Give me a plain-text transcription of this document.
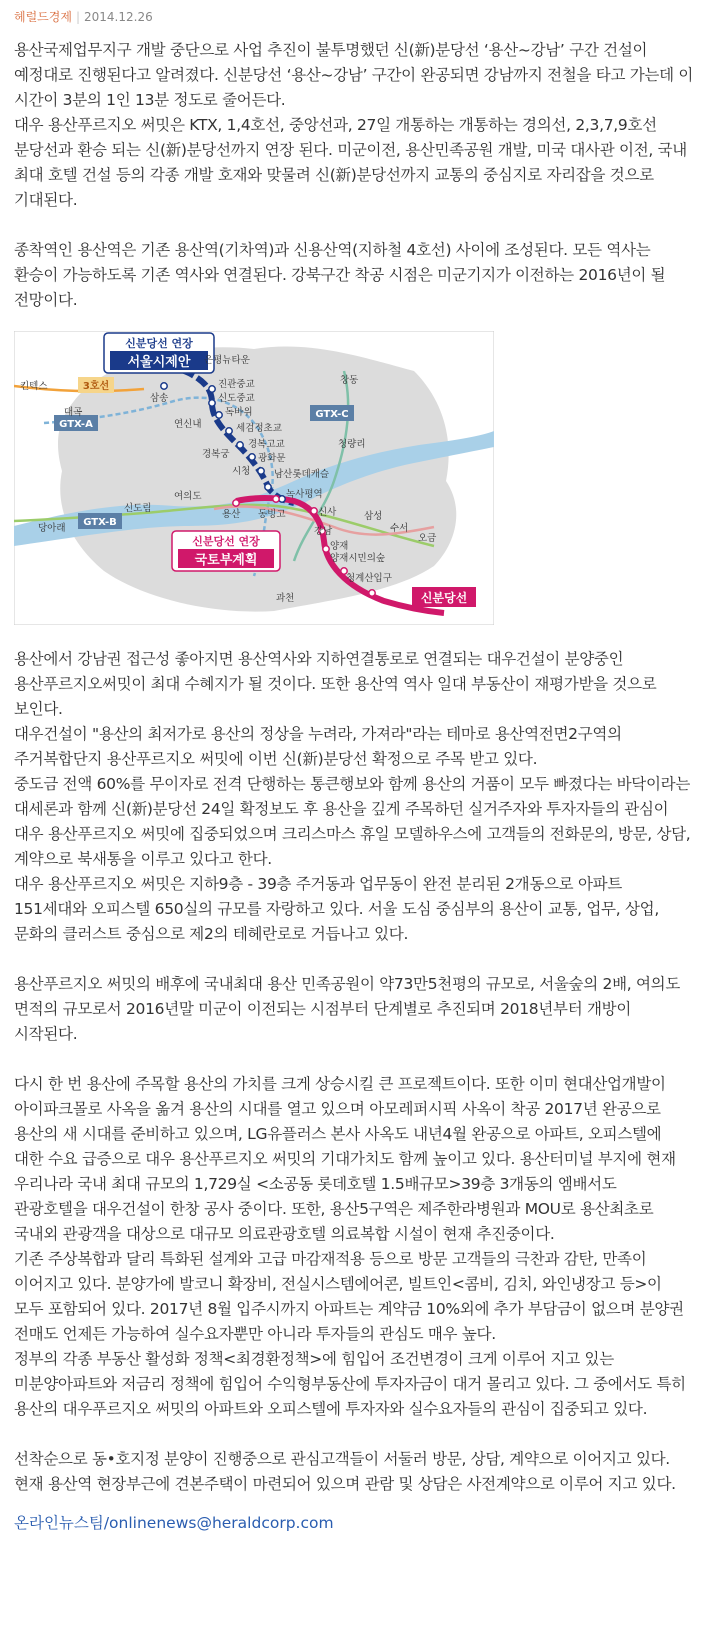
헤럴드경제 | 2014.12.26

용산국제업무지구 개발 중단으로 사업 추진이 불투명했던 신(新)분당선 ‘용산~강남’ 구간 건설이 예정대로 진행된다고 알려졌다. 신분당선 ‘용산~강남’ 구간이 완공되면 강남까지 전철을 타고 가는데 이 시간이 3분의 1인 13분 정도로 줄어든다.

대우 용산푸르지오 써밋은 KTX, 1,4호선, 중앙선과, 27일 개통하는 개통하는 경의선, 2,3,7,9호선 분당선과 환승 되는 신(新)분당선까지 연장 된다. 미군이전, 용산민족공원 개발, 미국 대사관 이전, 국내 최대 호텔 건설 등의 각종 개발 호재와 맞물려 신(新)분당선까지 교통의 중심지로 자리잡을 것으로 기대된다.

종착역인 용산역은 기존 용산역(기차역)과 신용산역(지하철 4호선) 사이에 조성된다. 모든 역사는 환승이 가능하도록 기존 역사와 연결된다. 강북구간 착공 시점은 미군기지가 이전하는 2016년이 될 전망이다.

신분당선 연장
서울시제안
신분당선 연장
국토부계획
신분당선
GTX-A
GTX-B
GTX-C
3호선
킨텍스
대곡
삼송
은평뉴타운
진관중교
신도중교
독바위
세검정초교
연신내
경복고교
광화문
경복궁
시청 남산롯데캐슬
녹사평역
창동
청량리
여의도
용산 동빙고	신사
강남
삼성
수서
오금
신도림
당아래
양재
양재시민의숲
청계산입구
과천

용산에서 강남권 접근성 좋아지면 용산역사와 지하연결통로로 연결되는 대우건설이 분양중인 용산푸르지오써밋이 최대 수혜지가 될 것이다. 또한 용산역 역사 일대 부동산이 재평가받을 것으로 보인다.

대우건설이 "용산의 최저가로 용산의 정상을 누려라, 가져라"라는 테마로 용산역전면2구역의 주거복합단지 용산푸르지오 써밋에 이번 신(新)분당선 확정으로 주목 받고 있다.

중도금 전액 60%를 무이자로 전격 단행하는 통큰행보와 함께 용산의 거품이 모두 빠졌다는 바닥이라는 대세론과 함께 신(新)분당선 24일 확정보도 후 용산을 깊게 주목하던 실거주자와 투자자들의 관심이 대우 용산푸르지오 써밋에 집중되었으며 크리스마스 휴일 모델하우스에 고객들의 전화문의, 방문, 상담, 계약으로 북새통을 이루고 있다고 한다.

대우 용산푸르지오 써밋은 지하9층 - 39층 주거동과 업무동이 완전 분리된 2개동으로 아파트 151세대와 오피스텔 650실의 규모를 자랑하고 있다. 서울 도심 중심부의 용산이 교통, 업무, 상업, 문화의 클러스트 중심으로 제2의 테헤란로로 거듭나고 있다.

용산푸르지오 써밋의 배후에 국내최대 용산 민족공원이 약73만5천평의 규모로, 서울숲의 2배, 여의도 면적의 규모로서 2016년말 미군이 이전되는 시점부터 단계별로 추진되며 2018년부터 개방이 시작된다.

다시 한 번 용산에 주목할 용산의 가치를 크게 상승시킬 큰 프로젝트이다. 또한 이미 현대산업개발이 아이파크몰로 사옥을 옮겨 용산의 시대를 열고 있으며 아모레퍼시픽 사옥이 착공 2017년 완공으로 용산의 새 시대를 준비하고 있으며, LG유플러스 본사 사옥도 내년4월 완공으로 아파트, 오피스텔에 대한 수요 급증으로 대우 용산푸르지오 써밋의 기대가치도 함께 높이고 있다. 용산터미널 부지에 현재 우리나라 국내 최대 규모의 1,729실 <소공동 롯데호텔 1.5배규모>39층 3개동의 엠배서도 관광호텔을 대우건설이 한창 공사 중이다. 또한, 용산5구역은 제주한라병원과 MOU로 용산최초로 국내외 관광객을 대상으로 대규모 의료관광호텔 의료복합 시설이 현재 추진중이다.

기존 주상복합과 달리 특화된 설계와 고급 마감재적용 등으로 방문 고객들의 극찬과 감탄, 만족이 이어지고 있다. 분양가에 발코니 확장비, 전실시스템에어콘, 빌트인<콤비, 김치, 와인냉장고 등>이 모두 포함되어 있다. 2017년 8월 입주시까지 아파트는 계약금 10%외에 추가 부담금이 없으며 분양권 전매도 언제든 가능하여 실수요자뿐만 아니라 투자들의 관심도 매우 높다.

정부의 각종 부동산 활성화 정책<최경환정책>에 힘입어 조건변경이 크게 이루어 지고 있는 미분양아파트와 저금리 정책에 힘입어 수익형부동산에 투자자금이 대거 몰리고 있다. 그 중에서도 특히 용산의 대우푸르지오 써밋의 아파트와 오피스텔에 투자자와 실수요자들의 관심이 집중되고 있다.

선착순으로 동•호지정 분양이 진행중으로 관심고객들이 서둘러 방문, 상담, 계약으로 이어지고 있다. 현재 용산역 현장부근에 견본주택이 마련되어 있으며 관람 및 상담은 사전계약으로 이루어 지고 있다.

온라인뉴스팀/onlinenews@heraldcorp.com
